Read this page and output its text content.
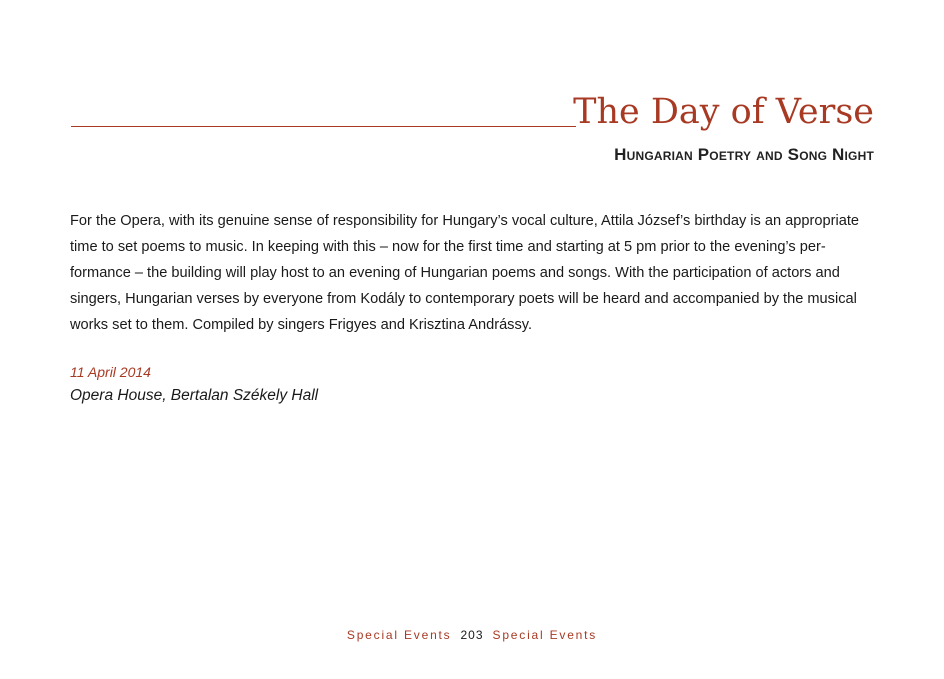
The Day of Verse
Hungarian Poetry and Song Night

For the Opera, with its genuine sense of responsibility for Hungary’s vocal culture, Attila József’s birthday is an appropriate time to set poems to music. In keeping with this – now for the first time and starting at 5 pm prior to the evening’s per-formance – the building will play host to an evening of Hungarian poems and songs. With the participation of actors and singers, Hungarian verses by everyone from Kodály to contemporary poets will be heard and accompanied by the musical works set to them. Compiled by singers Frigyes and Krisztina Andrássy.

11 April 2014

Opera House, Bertalan Székely Hall

Special Events 203 Special Events
